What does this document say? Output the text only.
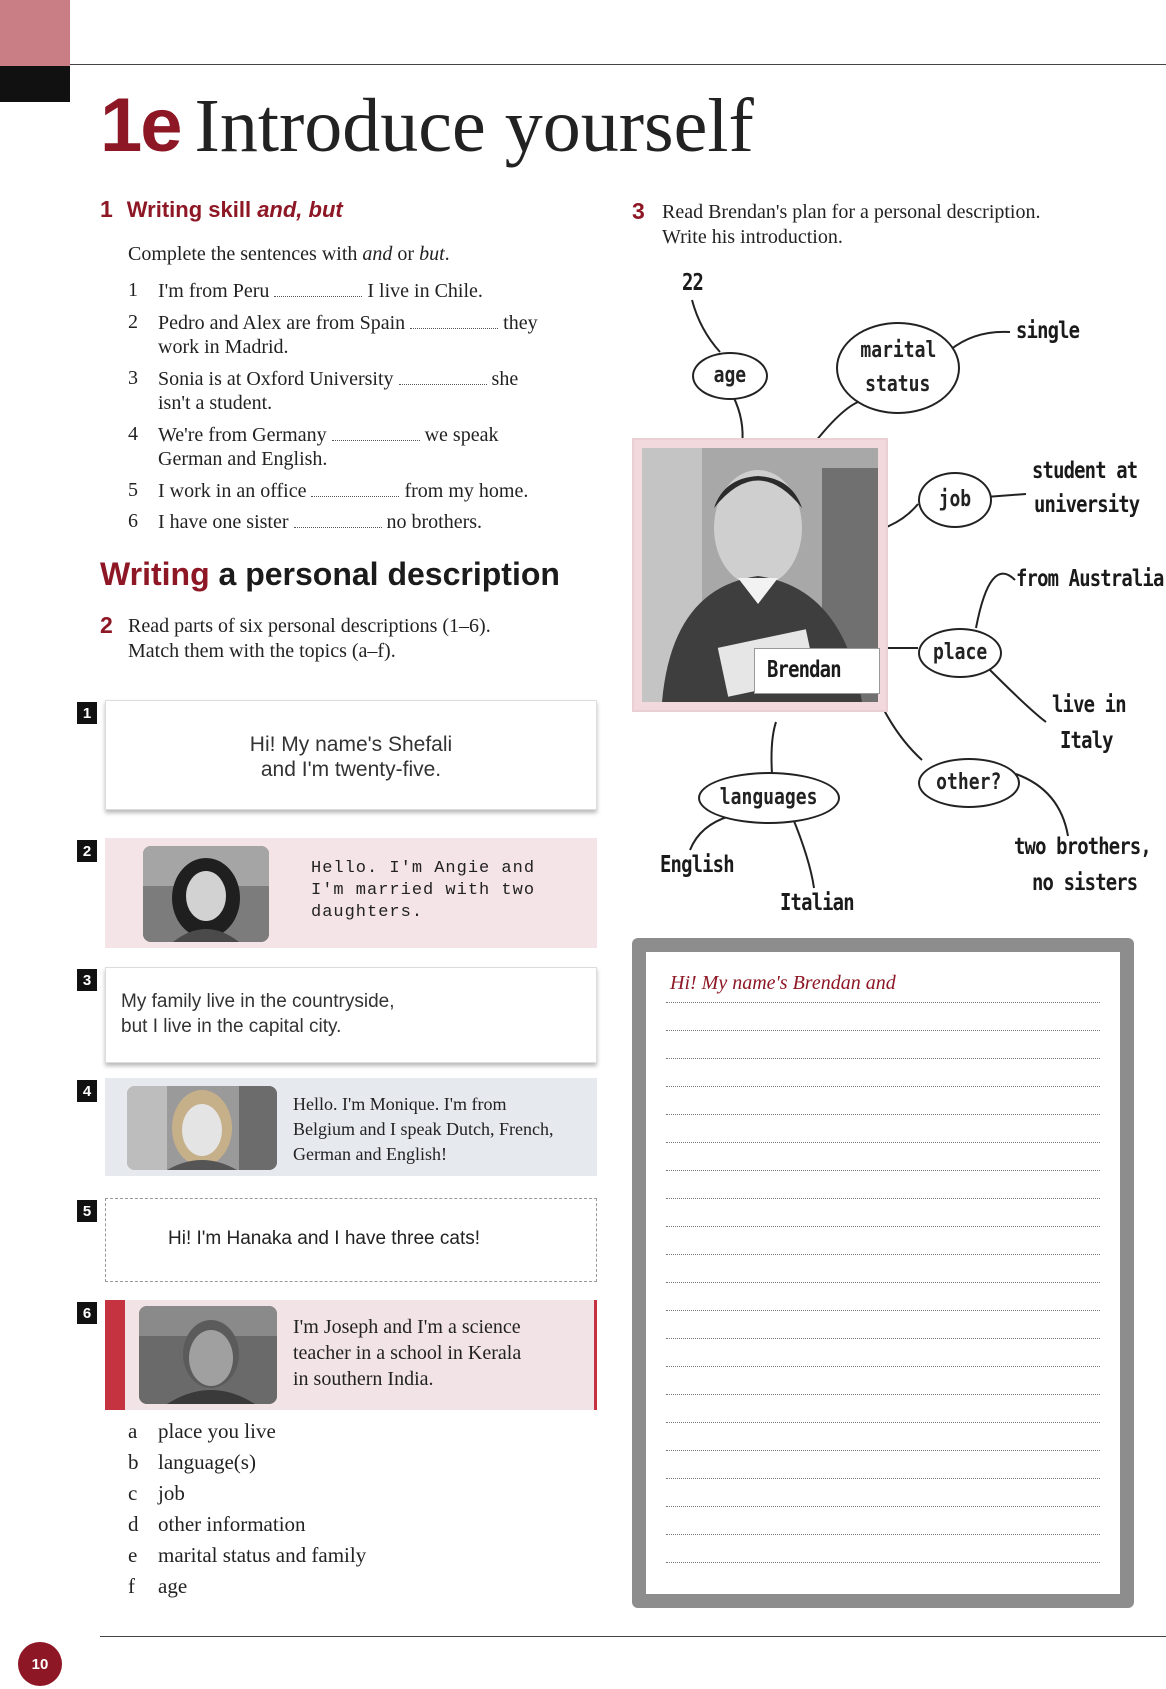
10
1e Introduce yourself
1 Writing skill and, but
Complete the sentences with and or but.
1	I'm from Peru	I live in Chile.
2	Pedro and Alex are from Spain	they
work in Madrid.
3	Sonia is at Oxford University	she
isn't a student.
4	We're from Germany	we speak
German and English.
5	I work in an office	from my home.
6	I have one sister	no brothers.
Writing a personal description
2 Read parts of six personal descriptions (1–6).
Match them with the topics (a–f).
1
2
3
4
5
6
Hi! My name's Shefali
and I'm twenty-five.
Hello. I'm Angie and
I'm married with two
daughters.
My family live in the countryside,
but I live in the capital city.
Hello. I'm Monique. I'm from
Belgium and I speak Dutch, French,
German and English!
Hi! I'm Hanaka and I have three cats!
I'm Joseph and I'm a science
teacher in a school in Kerala
in southern India.
a place you live
b language(s)
c job
d other information
e marital status and family
f age
3 Read Brendan's plan for a personal description.
Write his introduction.
Brendan
22
age
marital
status
single
job
student at
university
from Australia
place
live in
Italy
languages
English
Italian
other?
two brothers,
no sisters
Hi! My name's Brendan and
